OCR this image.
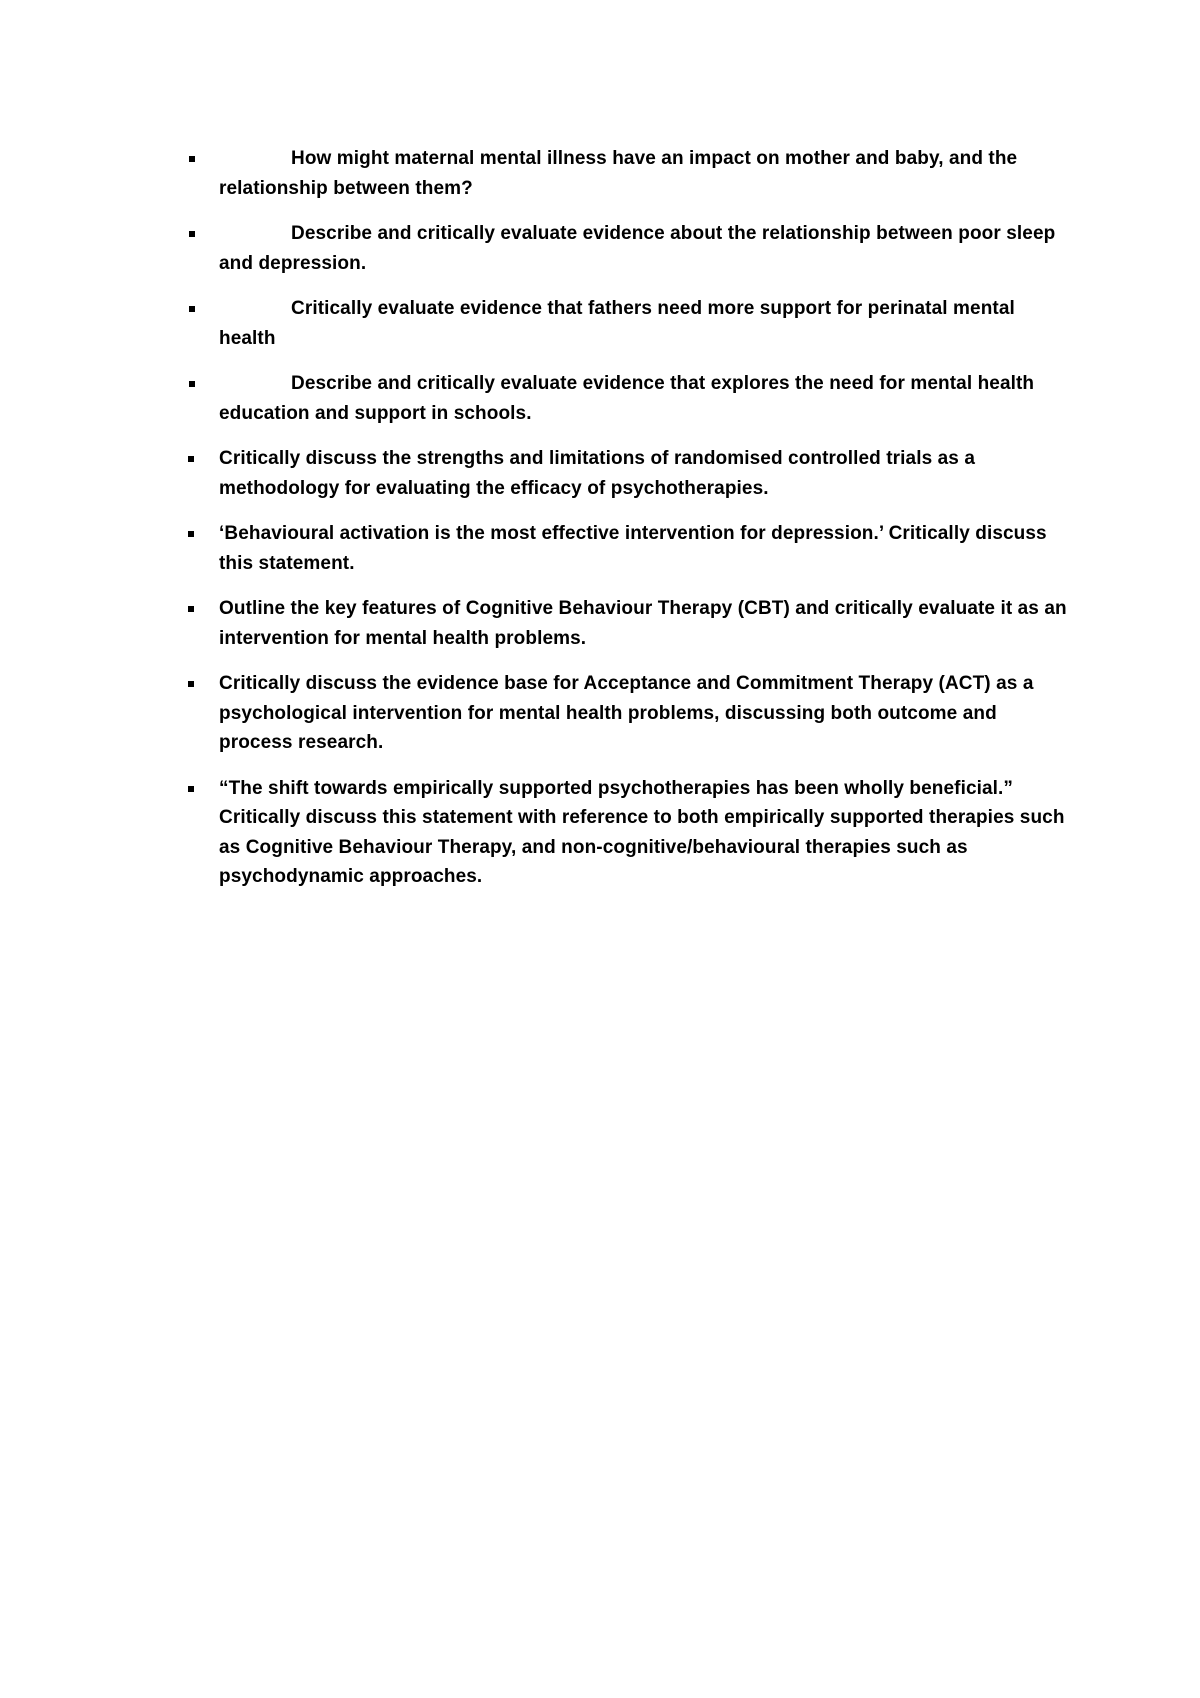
How might maternal mental illness have an impact on mother and baby, and the relationship between them?
Describe and critically evaluate evidence about the relationship between poor sleep and depression.
Critically evaluate evidence that fathers need more support for perinatal mental health
Describe and critically evaluate evidence that explores the need for mental health education and support in schools.
Critically discuss the strengths and limitations of randomised controlled trials as a methodology for evaluating the efficacy of psychotherapies.
‘Behavioural activation is the most effective intervention for depression.’ Critically discuss this statement.
Outline the key features of Cognitive Behaviour Therapy (CBT) and critically evaluate it as an intervention for mental health problems.
Critically discuss the evidence base for Acceptance and Commitment Therapy (ACT) as a psychological intervention for mental health problems, discussing both outcome and process research.
“The shift towards empirically supported psychotherapies has been wholly beneficial.” Critically discuss this statement with reference to both empirically supported therapies such as Cognitive Behaviour Therapy, and non-cognitive/behavioural therapies such as psychodynamic approaches.
